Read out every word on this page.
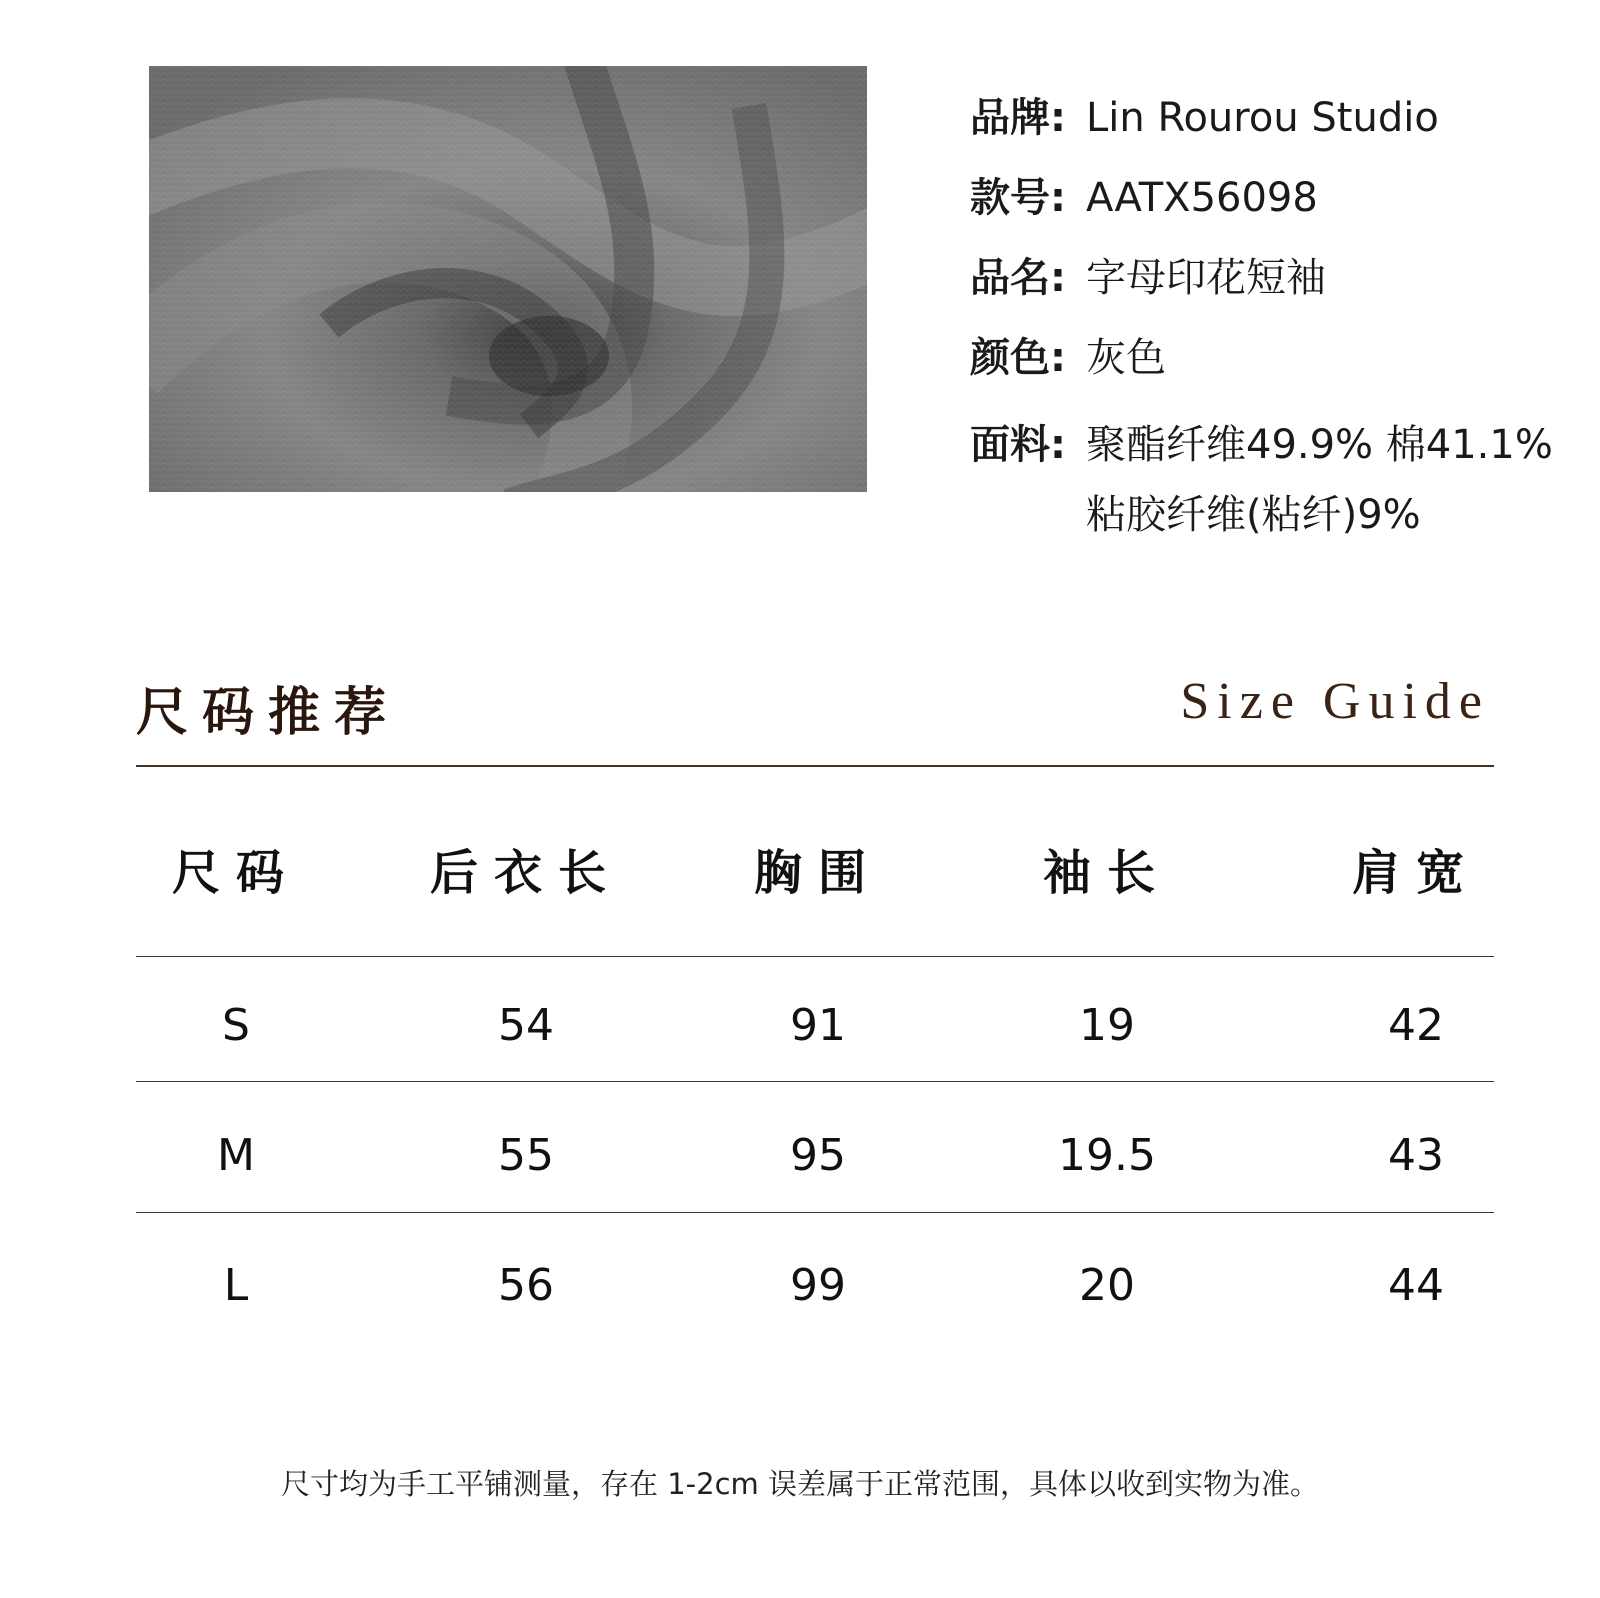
品牌: Lin Rourou Studio
款号: AATX56098
品名: 字母印花短袖
颜色: 灰色
面料: 聚酯纤维49.9% 棉41.1%
粘胶纤维(粘纤)9%
尺码推荐	Size Guide
尺码	后衣长	胸围	袖长	肩宽
S	54	91	19	42
M	55	95	19.5	43
L	56	99	20	44
尺寸均为手工平铺测量，存在 1-2cm 误差属于正常范围，具体以收到实物为准。
